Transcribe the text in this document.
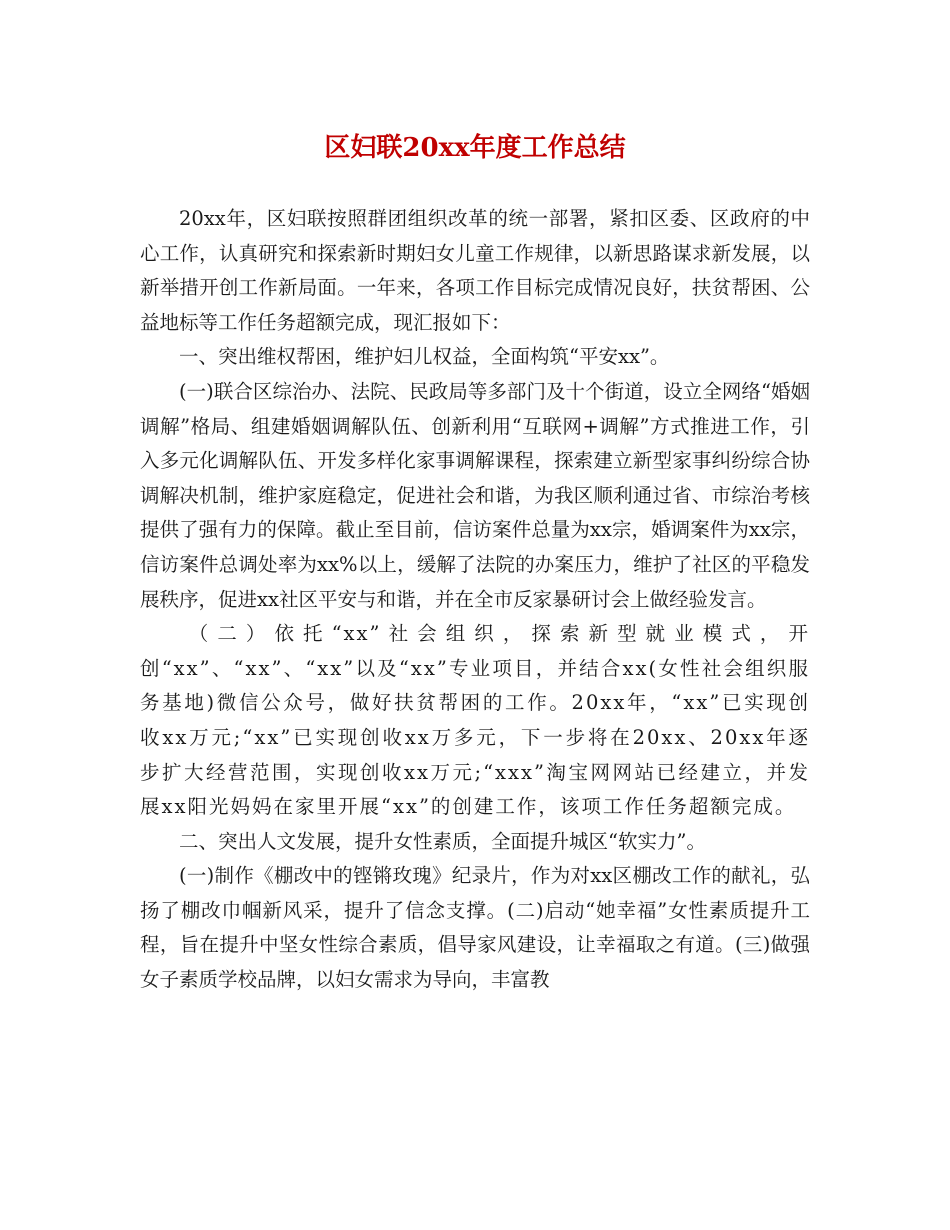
区妇联20xx年度工作总结

20xx年，区妇联按照群团组织改革的统一部署，紧扣区委、区政府的中心工作，认真研究和探索新时期妇女儿童工作规律，以新思路谋求新发展，以新举措开创工作新局面。一年来，各项工作目标完成情况良好，扶贫帮困、公益地标等工作任务超额完成，现汇报如下：

一、突出维权帮困，维护妇儿权益，全面构筑“平安xx”。

(一)联合区综治办、法院、民政局等多部门及十个街道，设立全网络“婚姻调解”格局、组建婚姻调解队伍、创新利用“互联网+调解”方式推进工作，引入多元化调解队伍、开发多样化家事调解课程，探索建立新型家事纠纷综合协调解决机制，维护家庭稳定，促进社会和谐，为我区顺利通过省、市综治考核提供了强有力的保障。截止至目前，信访案件总量为xx宗，婚调案件为xx宗，信访案件总调处率为xx%以上，缓解了法院的办案压力，维护了社区的平稳发展秩序，促进xx社区平安与和谐，并在全市反家暴研讨会上做经验发言。

（二）依托“xx”社会组织，探索新型就业模式，开创“xx”、“xx”、“xx”以及“xx”专业项目，并结合xx(女性社会组织服务基地)微信公众号，做好扶贫帮困的工作。20xx年，“xx”已实现创收xx万元;“xx”已实现创收xx万多元，下一步将在20xx、20xx年逐步扩大经营范围，实现创收xx万元;“xxx”淘宝网网站已经建立，并发展xx阳光妈妈在家里开展“xx”的创建工作，该项工作任务超额完成。

二、突出人文发展，提升女性素质，全面提升城区“软实力”。

(一)制作《棚改中的铿锵玫瑰》纪录片，作为对xx区棚改工作的献礼，弘扬了棚改巾帼新风采，提升了信念支撑。(二)启动“她幸福”女性素质提升工程，旨在提升中坚女性综合素质，倡导家风建设，让幸福取之有道。(三)做强女子素质学校品牌，以妇女需求为导向，丰富教
